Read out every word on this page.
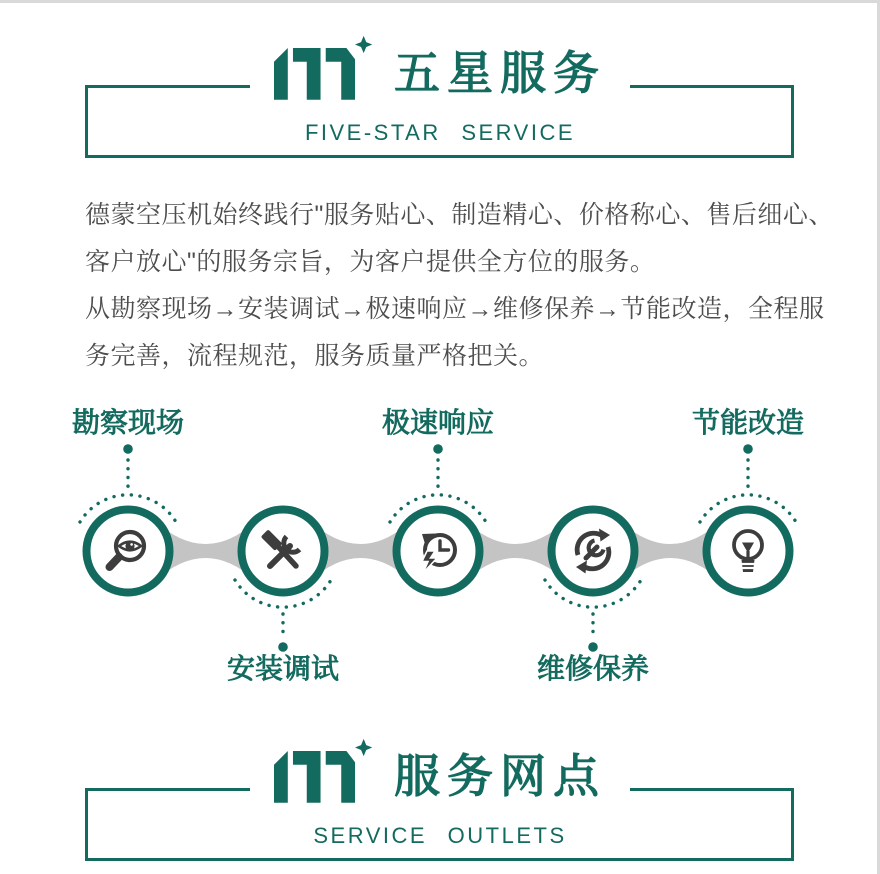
五星服务
FIVE-STAR SERVICE
德蒙空压机始终践行"服务贴心、制造精心、价格称心、售后细心、
客户放心"的服务宗旨，为客户提供全方位的服务。
从勘察现场→安装调试→极速响应→维修保养→节能改造，全程服
务完善，流程规范，服务质量严格把关。
勘察现场
安装调试
极速响应
维修保养
节能改造
服务网点
SERVICE OUTLETS
